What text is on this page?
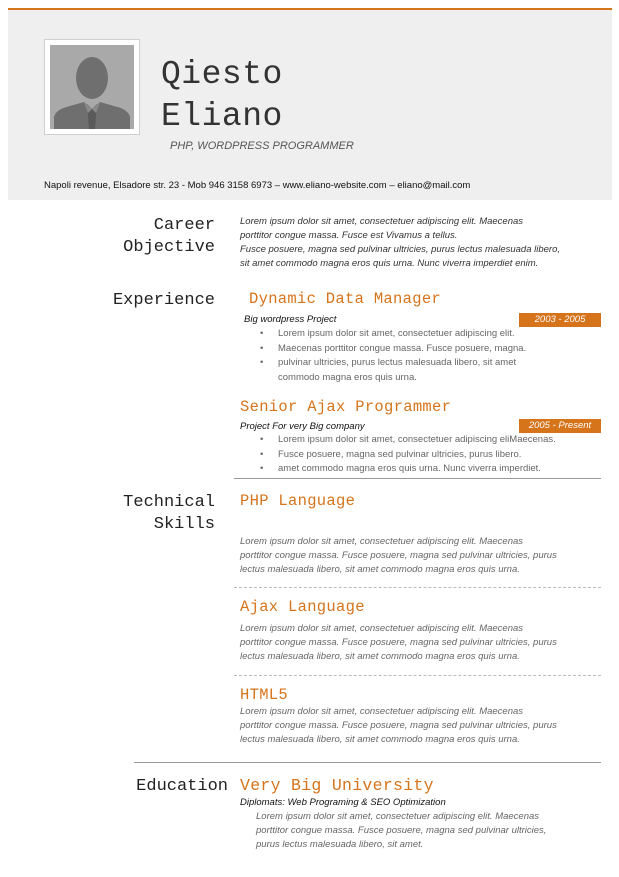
Qiesto
Eliano
PHP, WORDPRESS PROGRAMMER
Napoli revenue, Elsadore str. 23 - Mob 946 3158 6973 – www.eliano-website.com – eliano@mail.com
Career
Objective
Lorem ipsum dolor sit amet, consectetuer adipiscing elit. Maecenas
porttitor congue massa. Fusce est Vivamus a tellus.
Fusce posuere, magna sed pulvinar ultricies, purus lectus malesuada libero,
sit amet commodo magna eros quis urna. Nunc viverra imperdiet enim.
Experience Dynamic Data Manager
Big wordpress Project	2003 - 2005
• Lorem ipsum dolor sit amet, consectetuer adipiscing elit.
• Maecenas porttitor congue massa. Fusce posuere, magna.
• pulvinar ultricies, purus lectus malesuada libero, sit amet
commodo magna eros quis urna.
Senior Ajax Programmer
Project For very Big company	2005 - Present
• Lorem ipsum dolor sit amet, consectetuer adipiscing eliMaecenas.
• Fusce posuere, magna sed pulvinar ultricies, purus libero.
• amet commodo magna eros quis urna. Nunc viverra imperdiet.
Technical
Skills
PHP Language
Lorem ipsum dolor sit amet, consectetuer adipiscing elit. Maecenas
porttitor congue massa. Fusce posuere, magna sed pulvinar ultricies, purus
lectus malesuada libero, sit amet commodo magna eros quis urna.
Ajax Language
Lorem ipsum dolor sit amet, consectetuer adipiscing elit. Maecenas
porttitor congue massa. Fusce posuere, magna sed pulvinar ultricies, purus
lectus malesuada libero, sit amet commodo magna eros quis urna.
HTML5
Lorem ipsum dolor sit amet, consectetuer adipiscing elit. Maecenas
porttitor congue massa. Fusce posuere, magna sed pulvinar ultricies, purus
lectus malesuada libero, sit amet commodo magna eros quis urna.
Education Very Big University
Diplomats: Web Programing & SEO Optimization
Lorem ipsum dolor sit amet, consectetuer adipiscing elit. Maecenas
porttitor congue massa. Fusce posuere, magna sed pulvinar ultricies,
purus lectus malesuada libero, sit amet.
